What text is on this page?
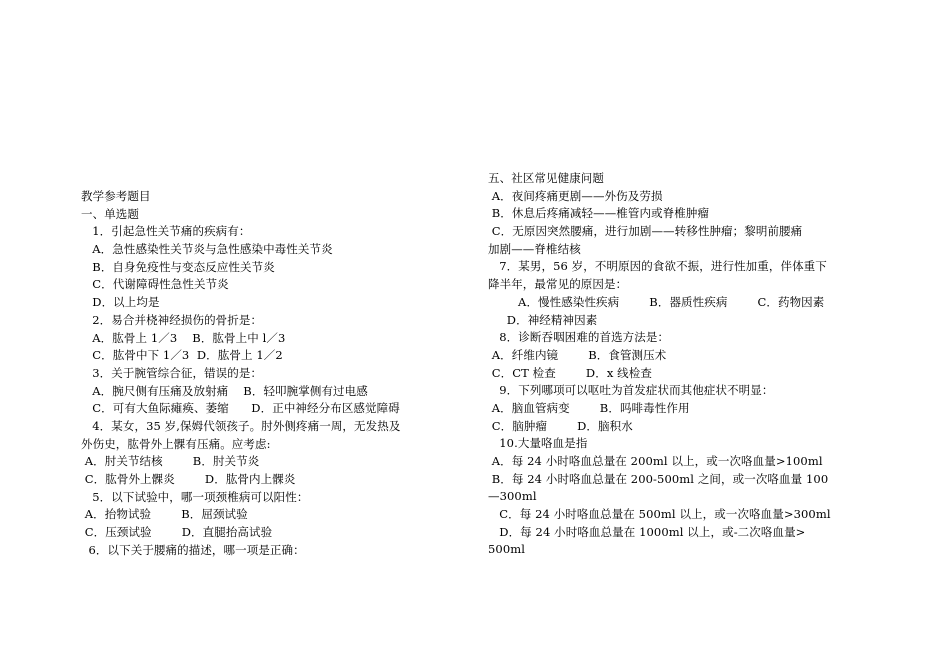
教学参考题目
一、单选题
1．引起急性关节痛的疾病有：
A．急性感染性关节炎与急性感染中毒性关节炎
B．自身免疫性与变态反应性关节炎
C．代谢障碍性急性关节炎
D．以上均是
2．易合并桡神经损伤的骨折是：
A．肱骨上 1／3    B．肱骨上中 l／3
C．肱骨中下 1／3  D．肱骨上 1／2
3．关于腕管综合征，错误的是：
A．腕尺侧有压痛及放射痛    B．轻叩腕掌侧有过电感
C．可有大鱼际瘫痪、萎缩      D．正中神经分布区感觉障碍
4．某女，35 岁,保姆代领孩子。肘外侧疼痛一周，无发热及
外伤史，肱骨外上髁有压痛。应考虑:
A．肘关节结核        B．肘关节炎
C．肱骨外上髁炎        D．肱骨内上髁炎
5．以下试验中，哪一项颈椎病可以阳性：
A．抬物试验        B．屈颈试验
C．压颈试验        D．直腿抬高试验
6．以下关于腰痛的描述，哪一项是正确：
五、社区常见健康问题
A．夜间疼痛更剧——外伤及劳损
B．休息后疼痛减轻——椎管内或脊椎肿瘤
C．无原因突然腰痛，进行加剧——转移性肿瘤；黎明前腰痛
加剧——脊椎结核
7．某男，56 岁，不明原因的食欲不振，进行性加重，伴体重下
降半年，最常见的原因是：
A．慢性感染性疾病        B．器质性疾病        C．药物因素
D．神经精神因素
8．诊断吞咽困难的首选方法是：
A．纤维内镜        B．食管测压术
C．CT 检查        D．x 线检查
9．下列哪项可以呕吐为首发症状而其他症状不明显：
A．脑血管病变        B．吗啡毒性作用
C．脑肿瘤        D．脑积水
10.大量咯血是指
A．每 24 小时咯血总量在 200ml 以上，或一次咯血量>100ml
B．每 24 小时咯血总量在 200-500ml 之间，或一次咯血量 100
—300ml
C．每 24 小时咯血总量在 500ml 以上，或一次咯血量>300ml
D．每 24 小时咯血总量在 1000ml 以上，或-二次咯血量>
500ml
